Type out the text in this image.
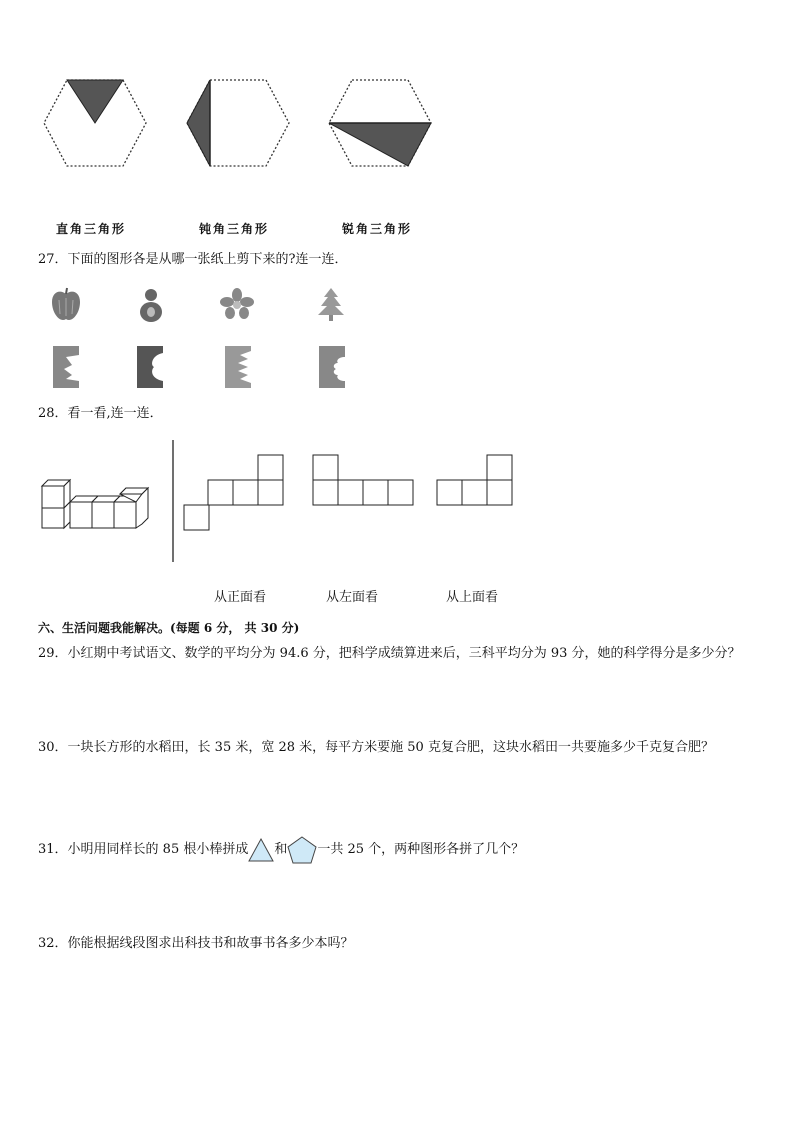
直角三角形	钝角三角形	锐角三角形
27．下面的图形各是从哪一张纸上剪下来的?连一连．
28．看一看,连一连．
从正面看	从左面看	从上面看
六、生活问题我能解决。(每题 6 分， 共 30 分)
29．小红期中考试语文、数学的平均分为 94.6 分，把科学成绩算进来后，三科平均分为 93 分，她的科学得分是多少分？
30．一块长方形的水稻田，长 35 米，宽 28 米，每平方米要施 50 克复合肥，这块水稻田一共要施多少千克复合肥？
31．小明用同样长的 85 根小棒拼成 和 一共 25 个，两种图形各拼了几个？
32．你能根据线段图求出科技书和故事书各多少本吗？
